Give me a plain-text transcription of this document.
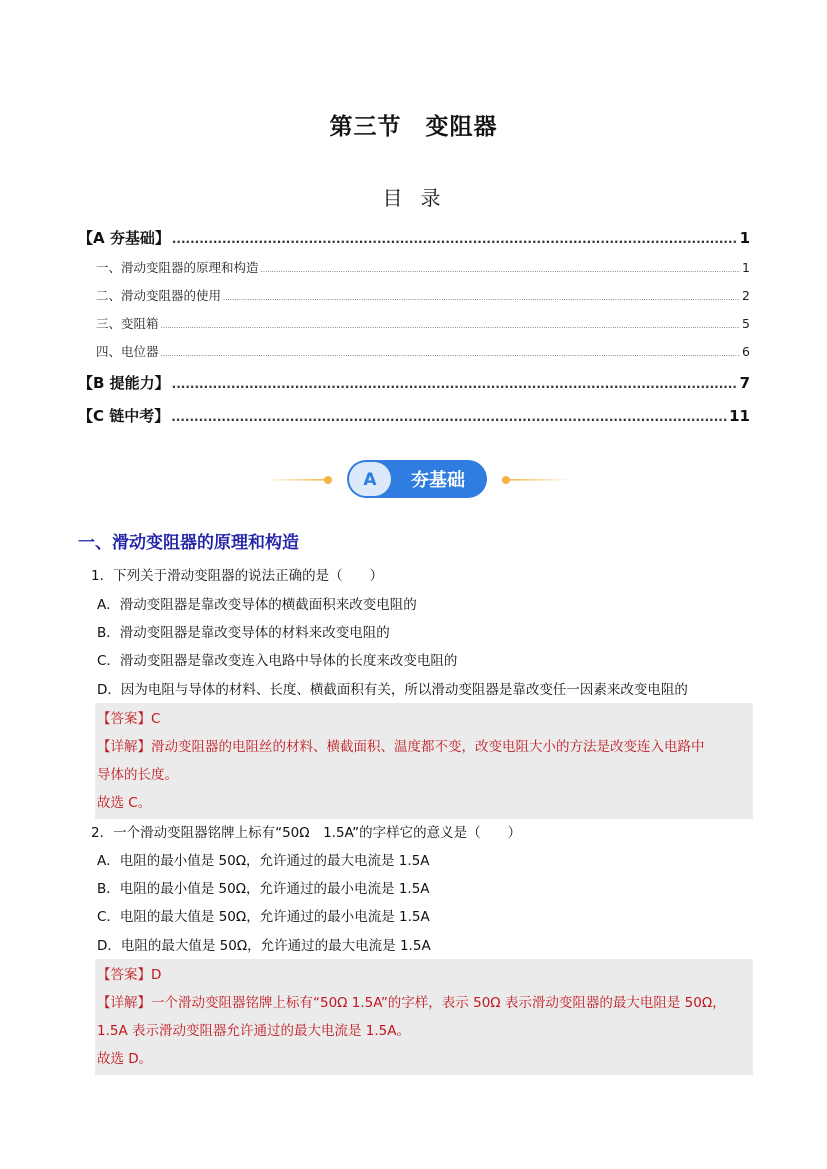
第三节　变阻器
目 录
【A 夯基础】 .....	1
一、滑动变阻器的原理和构造 .....	1
二、滑动变阻器的使用 .....	2
三、变阻箱 .....	5
四、电位器 .....	6
【B 提能力】 .....	7
【C 链中考】 .....	11
A 夯基础
一、滑动变阻器的原理和构造
1．下列关于滑动变阻器的说法正确的是（　　）
A．滑动变阻器是靠改变导体的横截面积来改变电阻的
B．滑动变阻器是靠改变导体的材料来改变电阻的
C．滑动变阻器是靠改变连入电路中导体的长度来改变电阻的
D．因为电阻与导体的材料、长度、横截面积有关，所以滑动变阻器是靠改变任一因素来改变电阻的
【答案】C
【详解】滑动变阻器的电阻丝的材料、横截面积、温度都不变，改变电阻大小的方法是改变连入电路中
导体的长度。
故选 C。
2．一个滑动变阻器铭牌上标有“50Ω　1.5A”的字样它的意义是（　　）
A．电阻的最小值是 50Ω，允许通过的最大电流是 1.5A
B．电阻的最小值是 50Ω，允许通过的最小电流是 1.5A
C．电阻的最大值是 50Ω，允许通过的最小电流是 1.5A
D．电阻的最大值是 50Ω，允许通过的最大电流是 1.5A
【答案】D
【详解】一个滑动变阻器铭牌上标有“50Ω 1.5A”的字样，表示 50Ω 表示滑动变阻器的最大电阻是 50Ω，
1.5A 表示滑动变阻器允许通过的最大电流是 1.5A。
故选 D。
